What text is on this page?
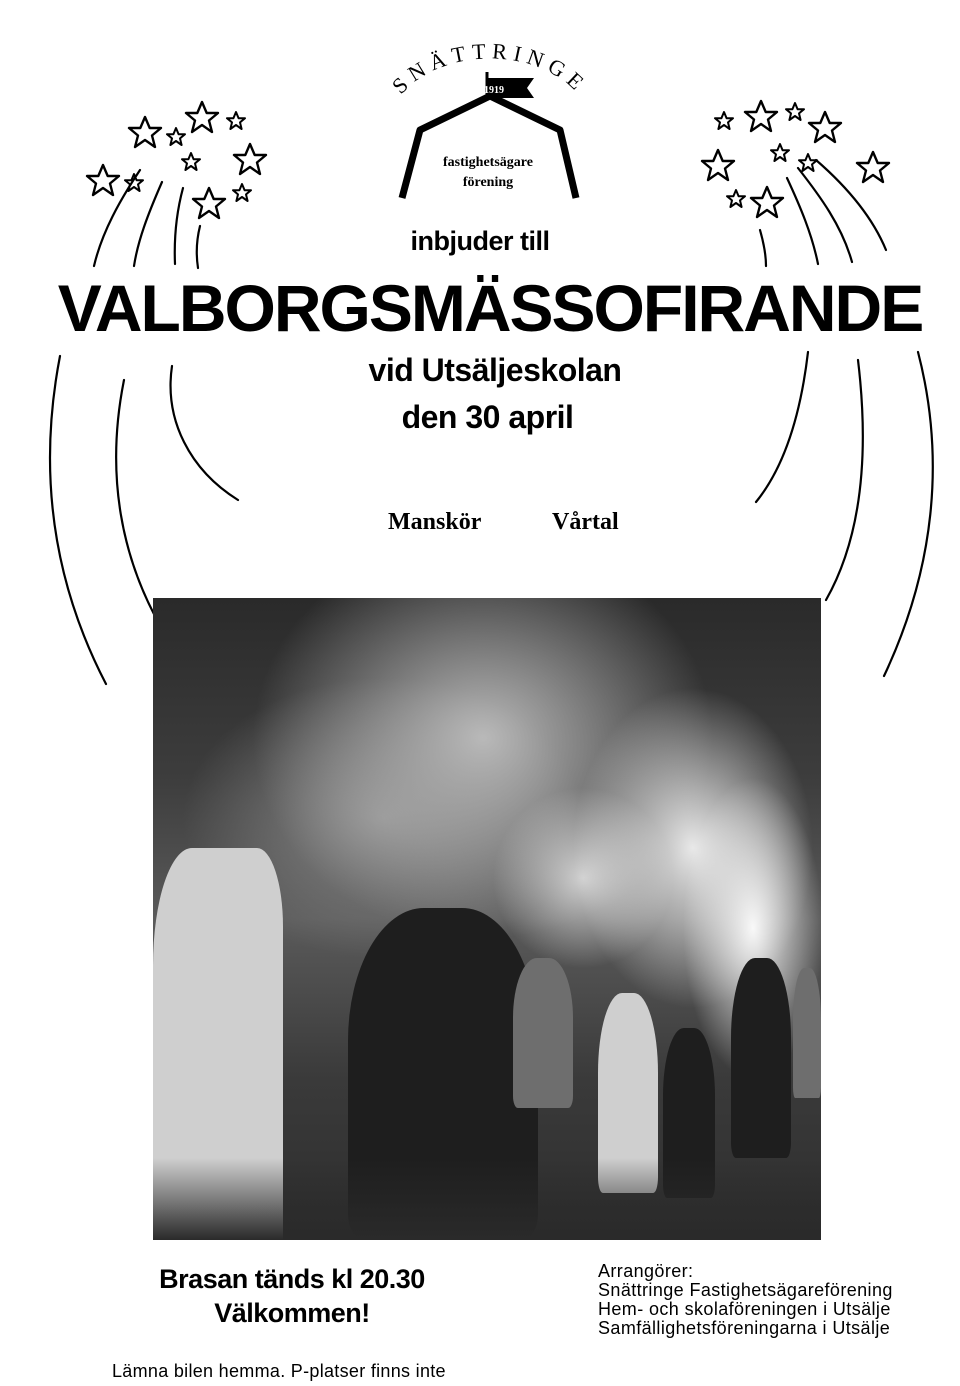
1919
SNÄTTRINGE
fastighetsägare
förening
inbjuder till
VALBORGSMÄSSOFIRANDE
vid Utsäljeskolan
den 30 april
Manskör	Vårtal
Brasan tänds kl 20.30
Välkommen!
Lämna bilen hemma. P-platser finns inte
Arrangörer:
Snättringe Fastighetsägareförening
Hem- och skolaföreningen i Utsälje
Samfällighetsföreningarna i Utsälje
